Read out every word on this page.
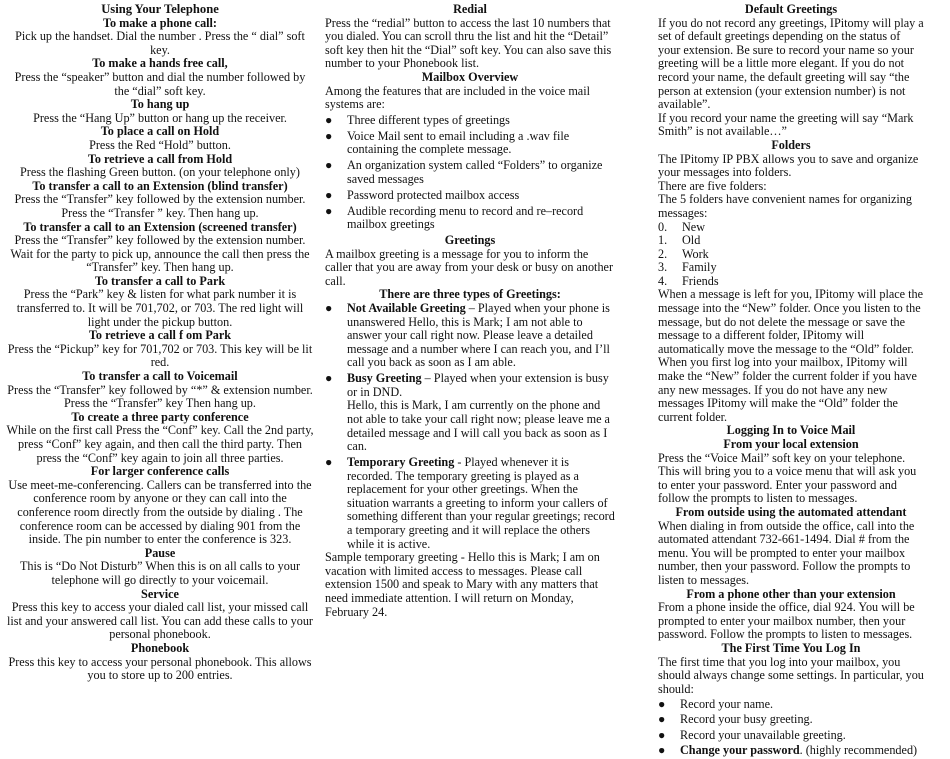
Using Your Telephone
To make a phone call:

Pick up the handset. Dial the number . Press the “ dial” soft key.

To make a hands free call,

Press the “speaker” button and dial the number followed by the “dial” soft key.

To hang up

Press the “Hang Up” button or hang up the receiver.

To place a call on Hold

Press the Red “Hold” button.

To retrieve a call from Hold

Press the flashing Green button. (on your telephone only)

To transfer a call to an Extension (blind transfer)

Press the “Transfer” key followed by the extension number. Press the “Transfer ” key. Then hang up.

To transfer a call to an Extension (screened transfer)

Press the “Transfer” key followed by the extension number. Wait for the party to pick up, announce the call then press the “Transfer” key. Then hang up.

To transfer a call to Park

Press the “Park” key & listen for what park number it is transferred to. It will be 701,702, or 703. The red light will light under the pickup button.

To retrieve a call f om Park

Press the “Pickup” key for 701,702 or 703. This key will be lit red.

To transfer a call to Voicemail

Press the “Transfer” key followed by “*” & extension number. Press the “Transfer” key Then hang up.

To create a three party conference

While on the first call Press the “Conf” key. Call the 2nd party, press “Conf” key again, and then call the third party. Then press the “Conf” key again to join all three parties.

For larger conference calls

Use meet-me-conferencing. Callers can be transferred into the conference room by anyone or they can call into the conference room directly from the outside by dialing . The conference room can be accessed by dialing 901 from the inside. The pin number to enter the conference is 323.

Pause

This is “Do Not Disturb” When this is on all calls to your telephone will go directly to your voicemail.

Service

Press this key to access your dialed call list, your missed call list and your answered call list. You can add these calls to your personal phonebook.

Phonebook

Press this key to access your personal phonebook. This allows you to store up to 200 entries.

Redial

Press the “redial” button to access the last 10 numbers that you dialed. You can scroll thru the list and hit the “Detail” soft key then hit the “Dial” soft key. You can also save this number to your Phonebook list.

Mailbox Overview

Among the features that are included in the voice mail systems are:

● Three different types of greetings
● Voice Mail sent to email including a .wav file containing the complete message.
● An organization system called “Folders” to organize saved messages
● Password protected mailbox access
● Audible recording menu to record and re–record mailbox greetings
Greetings

A mailbox greeting is a message for you to inform the caller that you are away from your desk or busy on another call.

There are three types of Greetings:
● Not Available Greeting – Played when your phone is unanswered Hello, this is Mark; I am not able to answer your call right now. Please leave a detailed message and a number where I can reach you, and I’ll call you back as soon as I am able.
● Busy Greeting – Played when your extension is busy or in DND.
Hello, this is Mark, I am currently on the phone and not able to take your call right now; please leave me a detailed message and I will call you back as soon as I can.
● Temporary Greeting - Played whenever it is recorded. The temporary greeting is played as a replacement for your other greetings. When the situation warrants a greeting to inform your callers of something different than your regular greetings; record a temporary greeting and it will replace the others while it is active.

Sample temporary greeting - Hello this is Mark; I am on vacation with limited access to messages. Please call extension 1500 and speak to Mary with any matters that need immediate attention. I will return on Monday, February 24.

Default Greetings

If you do not record any greetings, IPitomy will play a set of default greetings depending on the status of your extension. Be sure to record your name so your greeting will be a little more elegant. If you do not record your name, the default greeting will say “the person at extension (your extension number) is not available”.

If you record your name the greeting will say “Mark Smith” is not available…”

Folders

The IPitomy IP PBX allows you to save and organize your messages into folders.

There are five folders:

The 5 folders have convenient names for organizing messages:

0. New
1. Old
2. Work
3. Family
4. Friends

When a message is left for you, IPitomy will place the message into the “New” folder. Once you listen to the message, but do not delete the message or save the message to a different folder, IPitomy will automatically move the message to the “Old” folder.

When you first log into your mailbox, IPitomy will make the “New” folder the current folder if you have any new messages. If you do not have any new messages IPitomy will make the “Old” folder the current folder.

Logging In to Voice Mail
From your local extension

Press the “Voice Mail” soft key on your telephone. This will bring you to a voice menu that will ask you to enter your password. Enter your password and follow the prompts to listen to messages.

From outside using the automated attendant

When dialing in from outside the office, call into the automated attendant 732-661-1494. Dial # from the menu. You will be prompted to enter your mailbox number, then your password. Follow the prompts to listen to messages.

From a phone other than your extension

From a phone inside the office, dial 924. You will be prompted to enter your mailbox number, then your password. Follow the prompts to listen to messages.

The First Time You Log In

The first time that you log into your mailbox, you should always change some settings. In particular, you should:

● Record your name.
● Record your busy greeting.
● Record your unavailable greeting.
● Change your password. (highly recommended)
